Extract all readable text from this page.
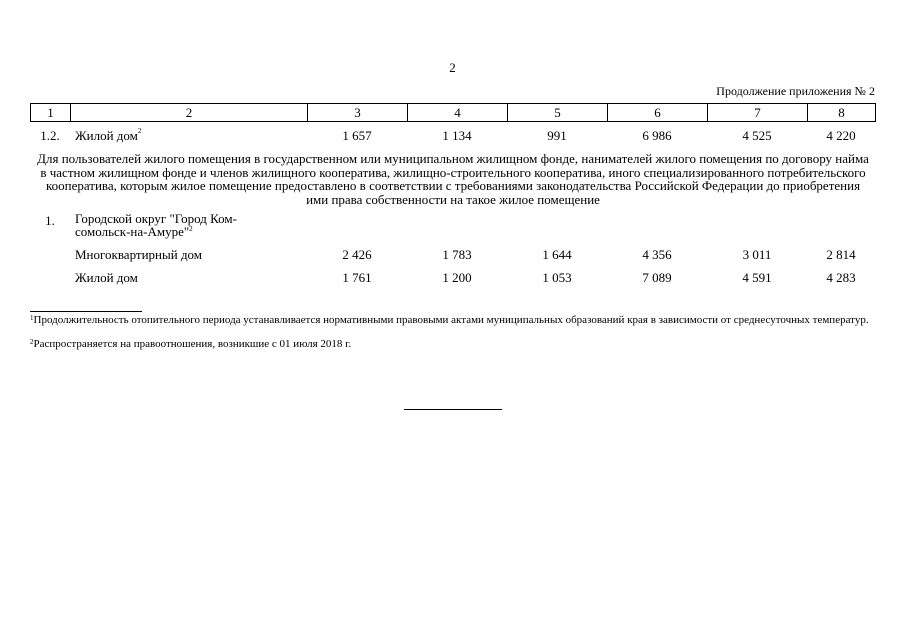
2
Продолжение приложения № 2
1	2	3	4	5	6	7	8
1.2.	Жилой дом$^2$	1 657	1 134	991	6 986	4 525	4 220
Для пользователей жилого помещения в государственном или муниципальном жилищном фонде, нанимателей жилого помещения по договору найма в частном жилищном фонде и членов жилищного кооператива, жилищно-строительного кооператива, иного специализированного потребительского кооператива, которым жилое помещение предоставлено в соответствии с требованиями законодательства Российской Федерации до приобретения ими права собственности на такое жилое помещение
1.	Городской округ "Город Ком-
сомольск-на-Амуре"$^2$
Многоквартирный дом	2 426	1 783	1 644	4 356	3 011	2 814
Жилой дом	1 761	1 200	1 053	7 089	4 591	4 283
$^1$Продолжительность отопительного периода устанавливается нормативными правовыми актами муниципальных образований края в зависимости от среднесуточных температур.
$^2$Распространяется на правоотношения, возникшие с 01 июля 2018 г.
